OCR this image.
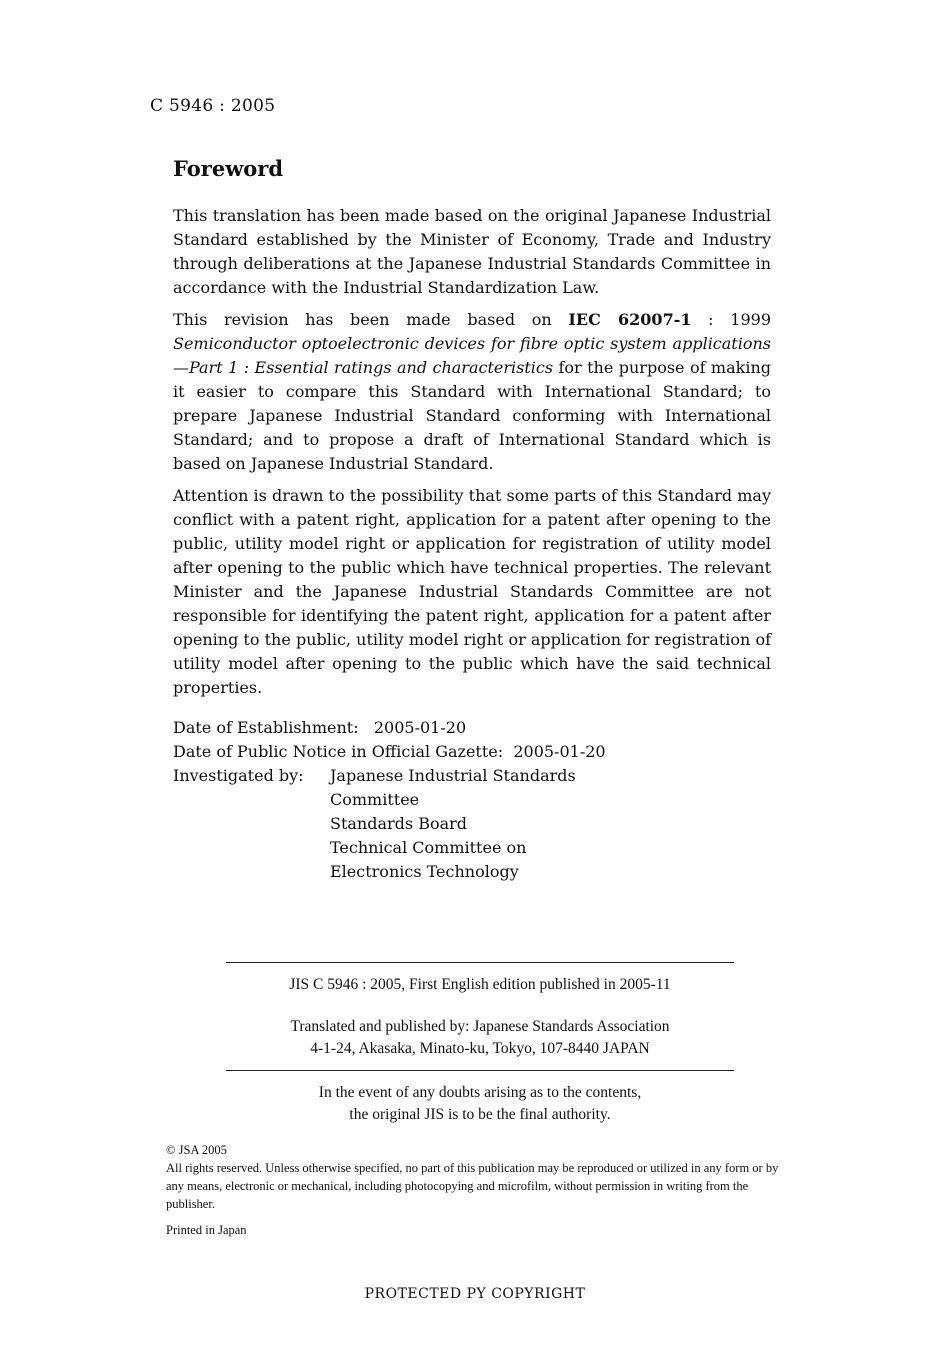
C 5946 : 2005
Foreword

This translation has been made based on the original Japanese Industrial Standard established by the Minister of Economy, Trade and Industry through deliberations at the Japanese Industrial Standards Committee in accordance with the Industrial Standardization Law.

This revision has been made based on IEC 62007-1 : 1999 Semiconductor optoelectronic devices for fibre optic system applications—Part 1 : Essential ratings and characteristics for the purpose of making it easier to compare this Standard with International Standard; to prepare Japanese Industrial Standard conforming with International Standard; and to propose a draft of International Standard which is based on Japanese Industrial Standard.

Attention is drawn to the possibility that some parts of this Standard may conflict with a patent right, application for a patent after opening to the public, utility model right or application for registration of utility model after opening to the public which have technical properties. The relevant Minister and the Japanese Industrial Standards Committee are not responsible for identifying the patent right, application for a patent after opening to the public, utility model right or application for registration of utility model after opening to the public which have the said technical properties.

Date of Establishment: 2005-01-20
Date of Public Notice in Official Gazette: 2005-01-20
Investigated by:	Japanese Industrial Standards Committee
Standards Board
Technical Committee on Electronics Technology
JIS C 5946 : 2005, First English edition published in 2005-11
Translated and published by: Japanese Standards Association
4-1-24, Akasaka, Minato-ku, Tokyo, 107-8440 JAPAN
In the event of any doubts arising as to the contents,
the original JIS is to be the final authority.
© JSA 2005
All rights reserved. Unless otherwise specified, no part of this publication may be reproduced or utilized in any form or by any means, electronic or mechanical, including photocopying and microfilm, without permission in writing from the publisher.
Printed in Japan
PROTECTED PY COPYRIGHT
